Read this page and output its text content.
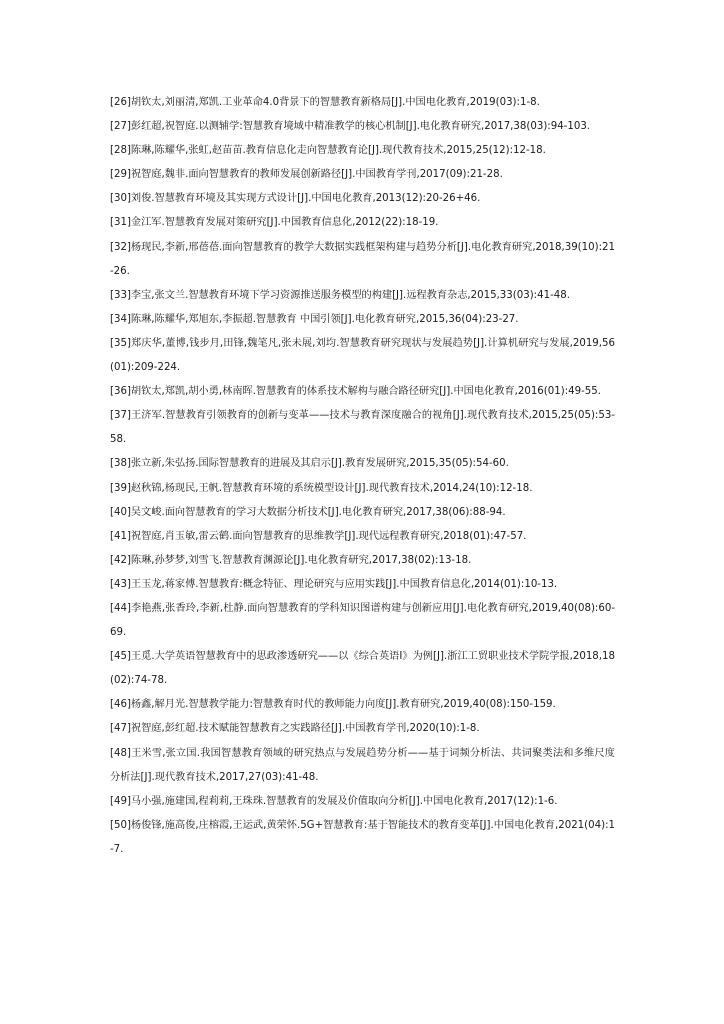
[26]胡钦太,刘丽清,郑凯.工业革命4.0背景下的智慧教育新格局[J].中国电化教育,2019(03):1-8.

[27]彭红超,祝智庭.以测辅学:智慧教育境域中精准教学的核心机制[J].电化教育研究,2017,38(03):94-103.

[28]陈琳,陈耀华,张虹,赵苗苗.教育信息化走向智慧教育论[J].现代教育技术,2015,25(12):12-18.

[29]祝智庭,魏非.面向智慧教育的教师发展创新路径[J].中国教育学刊,2017(09):21-28.

[30]刘俊.智慧教育环境及其实现方式设计[J].中国电化教育,2013(12):20-26+46.

[31]金江军.智慧教育发展对策研究[J].中国教育信息化,2012(22):18-19.

[32]杨现民,李新,邢蓓蓓.面向智慧教育的教学大数据实践框架构建与趋势分析[J].电化教育研究,2018,39(10):21-26.

[33]李宝,张文兰.智慧教育环境下学习资源推送服务模型的构建[J].远程教育杂志,2015,33(03):41-48.

[34]陈琳,陈耀华,郑旭东,李振超.智慧教育 中国引领[J].电化教育研究,2015,36(04):23-27.

[35]郑庆华,董博,钱步月,田锋,魏笔凡,张未展,刘均.智慧教育研究现状与发展趋势[J].计算机研究与发展,2019,56(01):209-224.

[36]胡钦太,郑凯,胡小勇,林南晖.智慧教育的体系技术解构与融合路径研究[J].中国电化教育,2016(01):49-55.

[37]王济军.智慧教育引领教育的创新与变革——技术与教育深度融合的视角[J].现代教育技术,2015,25(05):53-58.

[38]张立新,朱弘扬.国际智慧教育的进展及其启示[J].教育发展研究,2015,35(05):54-60.

[39]赵秋锦,杨现民,王帆.智慧教育环境的系统模型设计[J].现代教育技术,2014,24(10):12-18.

[40]吴文峻.面向智慧教育的学习大数据分析技术[J].电化教育研究,2017,38(06):88-94.

[41]祝智庭,肖玉敏,雷云鹤.面向智慧教育的思维教学[J].现代远程教育研究,2018(01):47-57.

[42]陈琳,孙梦梦,刘雪飞.智慧教育渊源论[J].电化教育研究,2017,38(02):13-18.

[43]王玉龙,蒋家傅.智慧教育:概念特征、理论研究与应用实践[J].中国教育信息化,2014(01):10-13.

[44]李艳燕,张香玲,李新,杜静.面向智慧教育的学科知识图谱构建与创新应用[J].电化教育研究,2019,40(08):60-69.

[45]王觅.大学英语智慧教育中的思政渗透研究——以《综合英语Ⅰ》为例[J].浙江工贸职业技术学院学报,2018,18(02):74-78.

[46]杨鑫,解月光.智慧教学能力:智慧教育时代的教师能力向度[J].教育研究,2019,40(08):150-159.

[47]祝智庭,彭红超.技术赋能智慧教育之实践路径[J].中国教育学刊,2020(10):1-8.

[48]王米雪,张立国.我国智慧教育领域的研究热点与发展趋势分析——基于词频分析法、共词聚类法和多维尺度分析法[J].现代教育技术,2017,27(03):41-48.

[49]马小强,施建国,程莉莉,王珠珠.智慧教育的发展及价值取向分析[J].中国电化教育,2017(12):1-6.

[50]杨俊锋,施高俊,庄榕霞,王运武,黄荣怀.5G+智慧教育:基于智能技术的教育变革[J].中国电化教育,2021(04):1-7.
